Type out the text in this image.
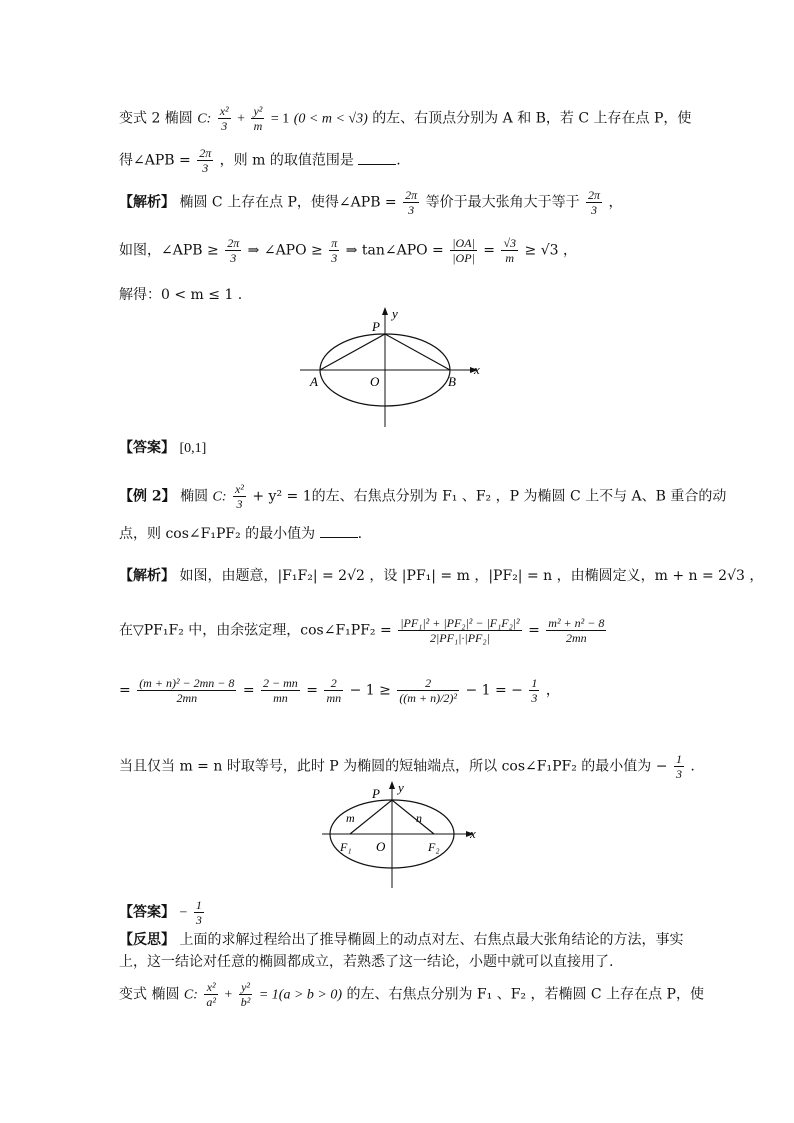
变式 2 椭圆 C: $\frac{\text{x²}}{3} + \frac{\text{y²}}{m} = 1$ (0 < m < √3) 的左、右顶点分别为 A 和 B，若 C 上存在点 P，使
得∠APB = $\frac{2\pi}{3}$ ，则 m 的取值范围是	.
【解析】 椭圆 C 上存在点 P，使得∠APB = $\frac{2\pi}{3}$ 等价于最大张角大于等于 $\frac{2\pi}{3}$ ，
如图，∠APB ≥ $\frac{2\pi}{3}$ ⇒ ∠APO ≥ $\frac{\pi}{3}$ ⇒ tan∠APO = $\frac{|OA|}{|OP|} = \frac{√3}{m} \ge √3$ ，
解得：0 < m ≤ 1 .
P
y
A	O	B
x
【答案】 [0,1]
【例 2】 椭圆 C: $\frac{\text{x²}}{3} + y^2 = 1$的左、右焦点分别为 F₁ 、F₂ ，P 为椭圆 C 上不与 A、B 重合的动
点，则 cos∠F₁PF₂ 的最小值为	.
【解析】 如图，由题意，|F₁F₂| = 2√2 ，设 |PF₁| = m ，|PF₂| = n ，由椭圆定义，m + n = 2√3 ，
在▽PF₁F₂ 中，由余弦定理，cos∠F₁PF₂ = $\frac{\text{|PF₁|² + |PF₂|² − |F₁F₂|²}}{\text{2|PF₁|·|PF₂|}} = \frac{\text{m² + n² − 8}}{2mn}$
= $\frac{\text{(m + n)² − 2mn − 8}}{2mn} = \frac{2 - mn}{mn} = \frac{2}{mn} - 1 \ge \frac{2}{\text{((m + n)/2)²}} - 1$ = − $\frac{1}{3}$ ，
当且仅当 m = n 时取等号，此时 P 为椭圆的短轴端点，所以 cos∠F₁PF₂ 的最小值为 − $\frac{1}{3}$ .
P y
m	n
F₁ O	F₂
x
【答案】 − $\frac{1}{3}$
【反思】 上面的求解过程给出了推导椭圆上的动点对左、右焦点最大张角结论的方法，事实
上，这一结论对任意的椭圆都成立，若熟悉了这一结论，小题中就可以直接用了.
变式 椭圆 C: $\frac{\text{x²}}{\text{a²}} + \frac{\text{y²}}{\text{b²}} = 1(a > b > 0)$ 的左、右焦点分别为 F₁ 、F₂ ，若椭圆 C 上存在点 P，使
